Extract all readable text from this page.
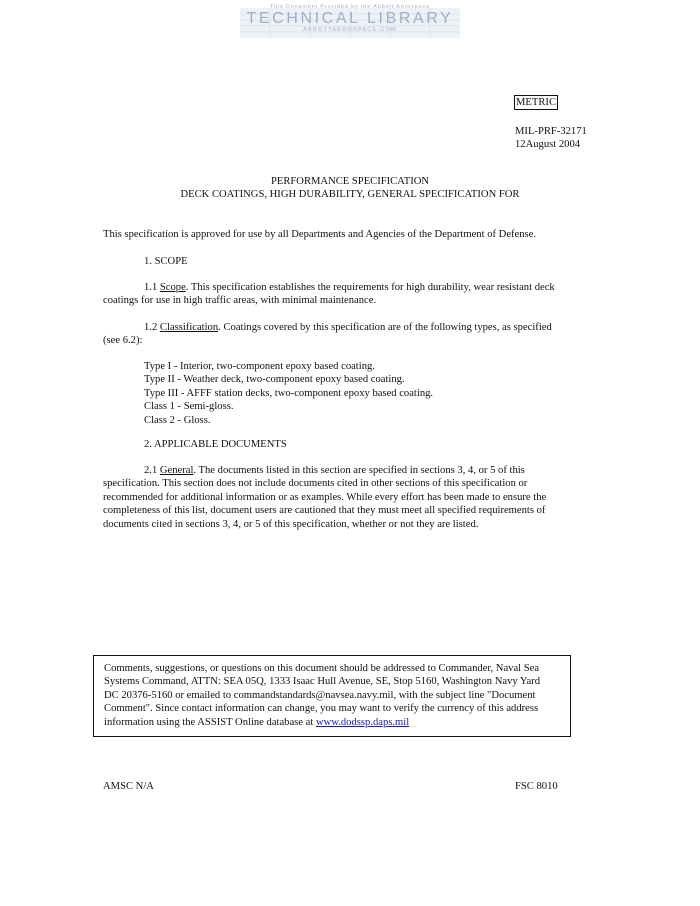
This Document Provided by the Abbott Aerospace
TECHNICAL LIBRARY
ABBOTTAEROSPACE.COM
METRIC
MIL-PRF-32171
12August 2004
PERFORMANCE SPECIFICATION
DECK COATINGS, HIGH DURABILITY, GENERAL SPECIFICATION FOR
This specification is approved for use by all Departments and Agencies of the Department of Defense.
1. SCOPE
1.1 Scope. This specification establishes the requirements for high durability, wear resistant deck
coatings for use in high traffic areas, with minimal maintenance.
1.2 Classification. Coatings covered by this specification are of the following types, as specified
(see 6.2):
Type I - Interior, two-component epoxy based coating.
Type II - Weather deck, two-component epoxy based coating.
Type III - AFFF station decks, two-component epoxy based coating.
Class 1 - Semi-gloss.
Class 2 - Gloss.
2. APPLICABLE DOCUMENTS
2.1 General. The documents listed in this section are specified in sections 3, 4, or 5 of this
specification. This section does not include documents cited in other sections of this specification or
recommended for additional information or as examples. While every effort has been made to ensure the
completeness of this list, document users are cautioned that they must meet all specified requirements of
documents cited in sections 3, 4, or 5 of this specification, whether or not they are listed.
Comments, suggestions, or questions on this document should be addressed to Commander, Naval Sea
Systems Command, ATTN: SEA 05Q, 1333 Isaac Hull Avenue, SE, Stop 5160, Washington Navy Yard
DC 20376-5160 or emailed to commandstandards@navsea.navy.mil, with the subject line "Document
Comment". Since contact information can change, you may want to verify the currency of this address
information using the ASSIST Online database at www.dodssp.daps.mil
AMSC N/A	FSC 8010
